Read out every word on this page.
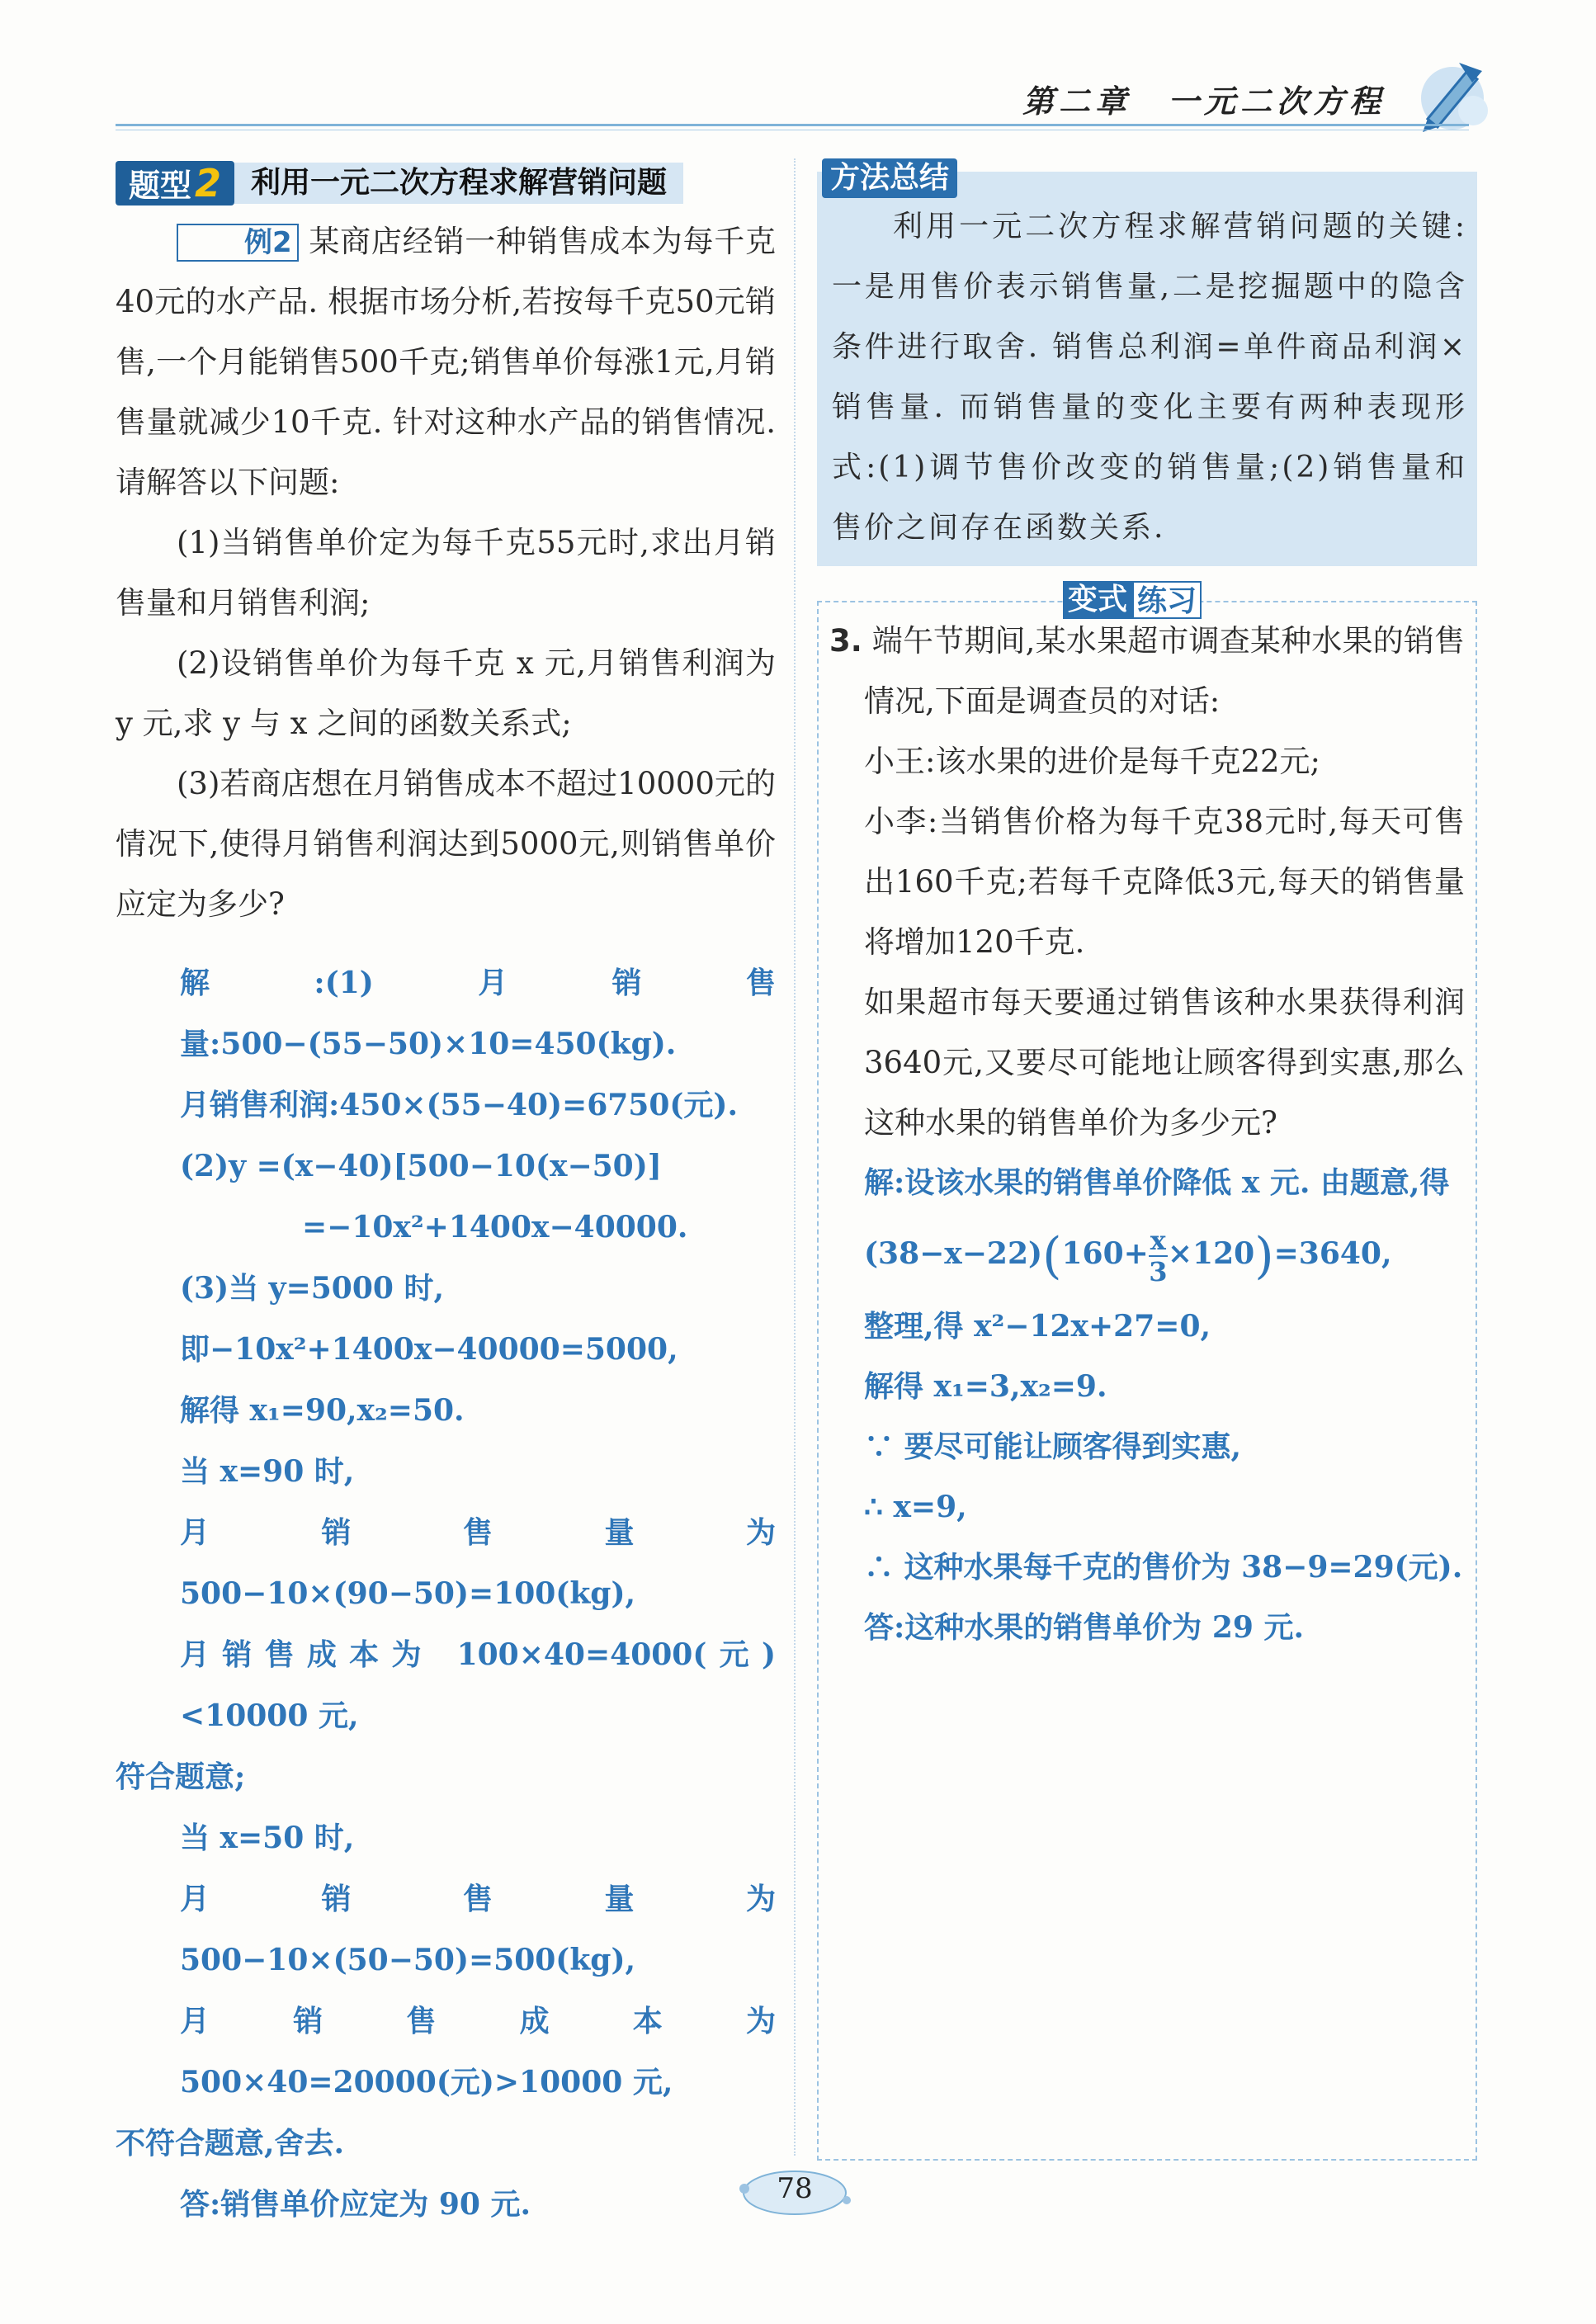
第二章　一元二次方程
题型2	利用一元二次方程求解营销问题

例2 某商店经销一种销售成本为每千克40元的水产品. 根据市场分析,若按每千克50元销售,一个月能销售500千克;销售单价每涨1元,月销售量就减少10千克. 针对这种水产品的销售情况. 请解答以下问题:

(1)当销售单价定为每千克55元时,求出月销售量和月销售利润;

(2)设销售单价为每千克 x 元,月销售利润为 y 元,求 y 与 x 之间的函数关系式;

(3)若商店想在月销售成本不超过10000元的情况下,使得月销售利润达到5000元,则销售单价应定为多少?

解:(1)月销售量:500−(55−50)×10=450(kg).
月销售利润:450×(55−40)=6750(元).
(2)y =(x−40)[500−10(x−50)]
=−10x²+1400x−40000.
(3)当 y=5000 时,
即−10x²+1400x−40000=5000,
解得 x₁=90,x₂=50.
当 x=90 时,
月销售量为 500−10×(90−50)=100(kg),
月销售成本为 100×40=4000(元)<10000 元,
符合题意;
当 x=50 时,
月销售量为 500−10×(50−50)=500(kg),
月销售成本为 500×40=20000(元)>10000 元,
不符合题意,舍去.
答:销售单价应定为 90 元.
方法总结
利用一元二次方程求解营销问题的关键:一是用售价表示销售量,二是挖掘题中的隐含条件进行取舍. 销售总利润=单件商品利润×销售量. 而销售量的变化主要有两种表现形式:(1)调节售价改变的销售量;(2)销售量和售价之间存在函数关系.
变式 练习

3. 端午节期间,某水果超市调查某种水果的销售情况,下面是调查员的对话:

小王:该水果的进价是每千克22元;

小李:当销售价格为每千克38元时,每天可售出160千克;若每千克降低3元,每天的销售量将增加120千克.

如果超市每天要通过销售该种水果获得利润3640元,又要尽可能地让顾客得到实惠,那么这种水果的销售单价为多少元?

解:设该水果的销售单价降低 x 元. 由题意,得

$(38-x-22)(160+ \frac{x}{3} \times 120)=3640$,

整理,得 x²−12x+27=0,

解得 x₁=3,x₂=9.

∵ 要尽可能让顾客得到实惠,

∴ x=9,

∴ 这种水果每千克的售价为 38−9=29(元).

答:这种水果的销售单价为 29 元.

78
